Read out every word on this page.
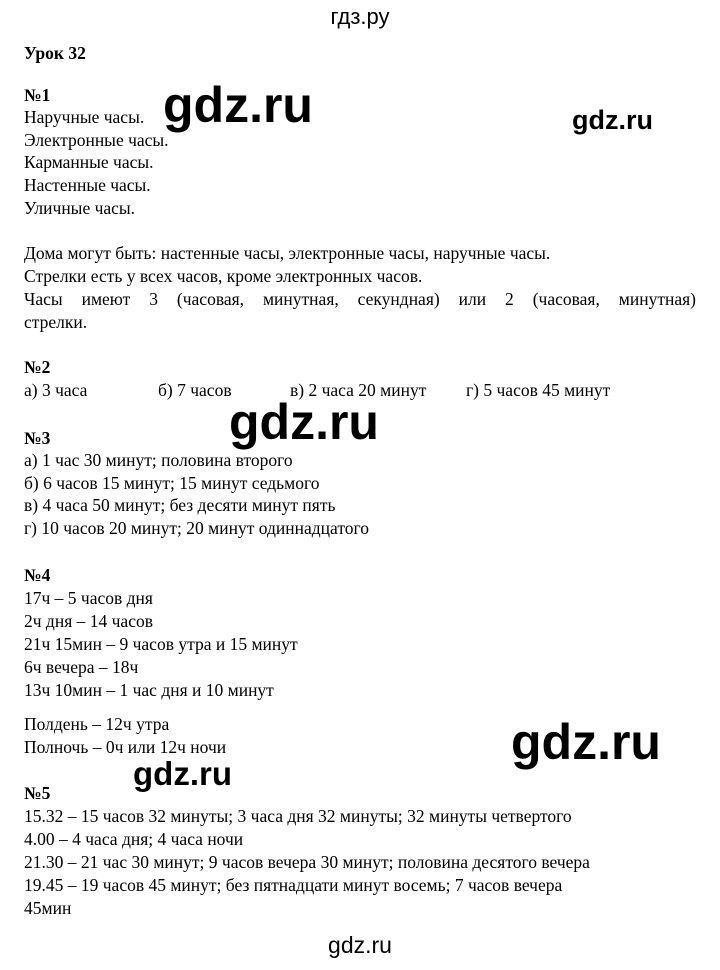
гдз.ру
Урок 32
№1
Наручные часы.
Электронные часы.
Карманные часы.
Настенные часы.
Уличные часы.
Дома могут быть: настенные часы, электронные часы, наручные часы.
Стрелки есть у всех часов, кроме электронных часов.
Часы имеют 3 (часовая, минутная, секундная) или 2 (часовая, минутная)
стрелки.
№2
а) 3 часа	б) 7 часов	в) 2 часа 20 минут г) 5 часов 45 минут
№3
а) 1 час 30 минут; половина второго
б) 6 часов 15 минут; 15 минут седьмого
в) 4 часа 50 минут; без десяти минут пять
г) 10 часов 20 минут; 20 минут одиннадцатого
№4
17ч – 5 часов дня
2ч дня – 14 часов
21ч 15мин – 9 часов утра и 15 минут
6ч вечера – 18ч
13ч 10мин – 1 час дня и 10 минут
Полдень – 12ч утра
Полночь – 0ч или 12ч ночи
№5
15.32 – 15 часов 32 минуты; 3 часа дня 32 минуты; 32 минуты четвертого
4.00 – 4 часа дня; 4 часа ночи
21.30 – 21 час 30 минут; 9 часов вечера 30 минут; половина десятого вечера
19.45 – 19 часов 45 минут; без пятнадцати минут восемь; 7 часов вечера
45мин
gdz.ru	gdz.ru
gdz.ru
gdz.ru
gdz.ru
gdz.ru
